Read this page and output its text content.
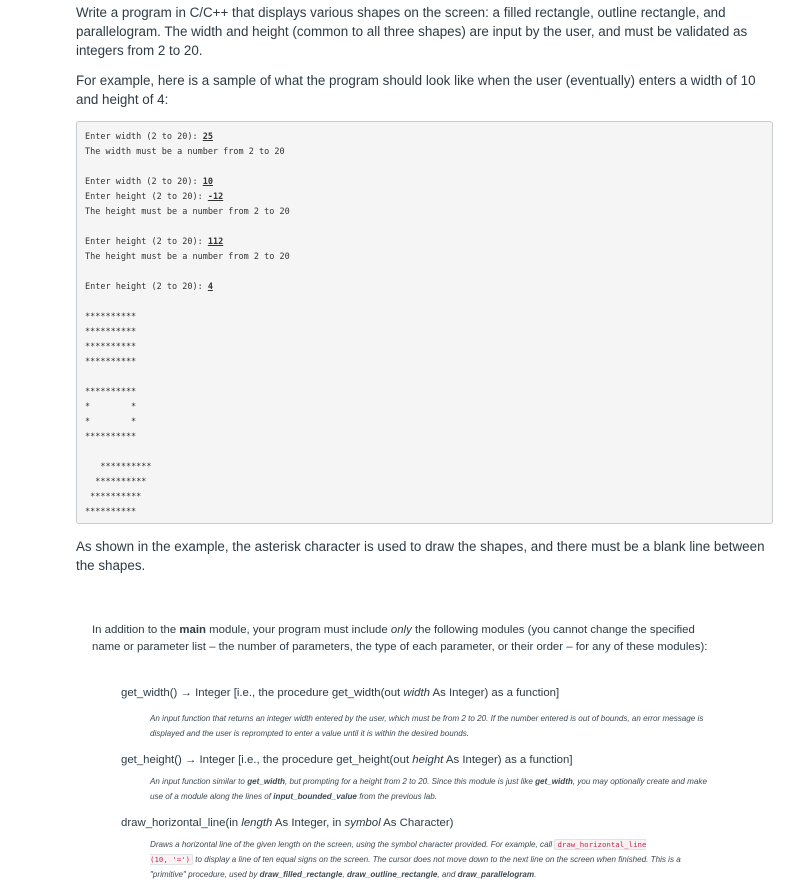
Write a program in C/C++ that displays various shapes on the screen: a filled rectangle, outline rectangle, and parallelogram. The width and height (common to all three shapes) are input by the user, and must be validated as integers from 2 to 20.

For example, here is a sample of what the program should look like when the user (eventually) enters a width of 10 and height of 4:

Enter width (2 to 20): 25
The width must be a number from 2 to 20

Enter width (2 to 20): 10
Enter height (2 to 20): -12
The height must be a number from 2 to 20

Enter height (2 to 20): 112
The height must be a number from 2 to 20

Enter height (2 to 20): 4

**********
**********
**********
**********

**********
*        *
*        *
**********

**********
**********
**********
**********

As shown in the example, the asterisk character is used to draw the shapes, and there must be a blank line between the shapes.

In addition to the main module, your program must include only the following modules (you cannot change the specified name or parameter list – the number of parameters, the type of each parameter, or their order – for any of these modules):

get_width() → Integer [i.e., the procedure get_width(out width As Integer) as a function]

An input function that returns an integer width entered by the user, which must be from 2 to 20. If the number entered is out of bounds, an error message is displayed and the user is reprompted to enter a value until it is within the desired bounds.

get_height() → Integer [i.e., the procedure get_height(out height As Integer) as a function]

An input function similar to get_width, but prompting for a height from 2 to 20. Since this module is just like get_width, you may optionally create and make use of a module along the lines of input_bounded_value from the previous lab.

draw_horizontal_line(in length As Integer, in symbol As Character)

Draws a horizontal line of the given length on the screen, using the symbol character provided. For example, call draw_horizontal_line
(10, '=') to display a line of ten equal signs on the screen. The cursor does not move down to the next line on the screen when finished. This is a "primitive" procedure, used by draw_filled_rectangle, draw_outline_rectangle, and draw_parallelogram.
